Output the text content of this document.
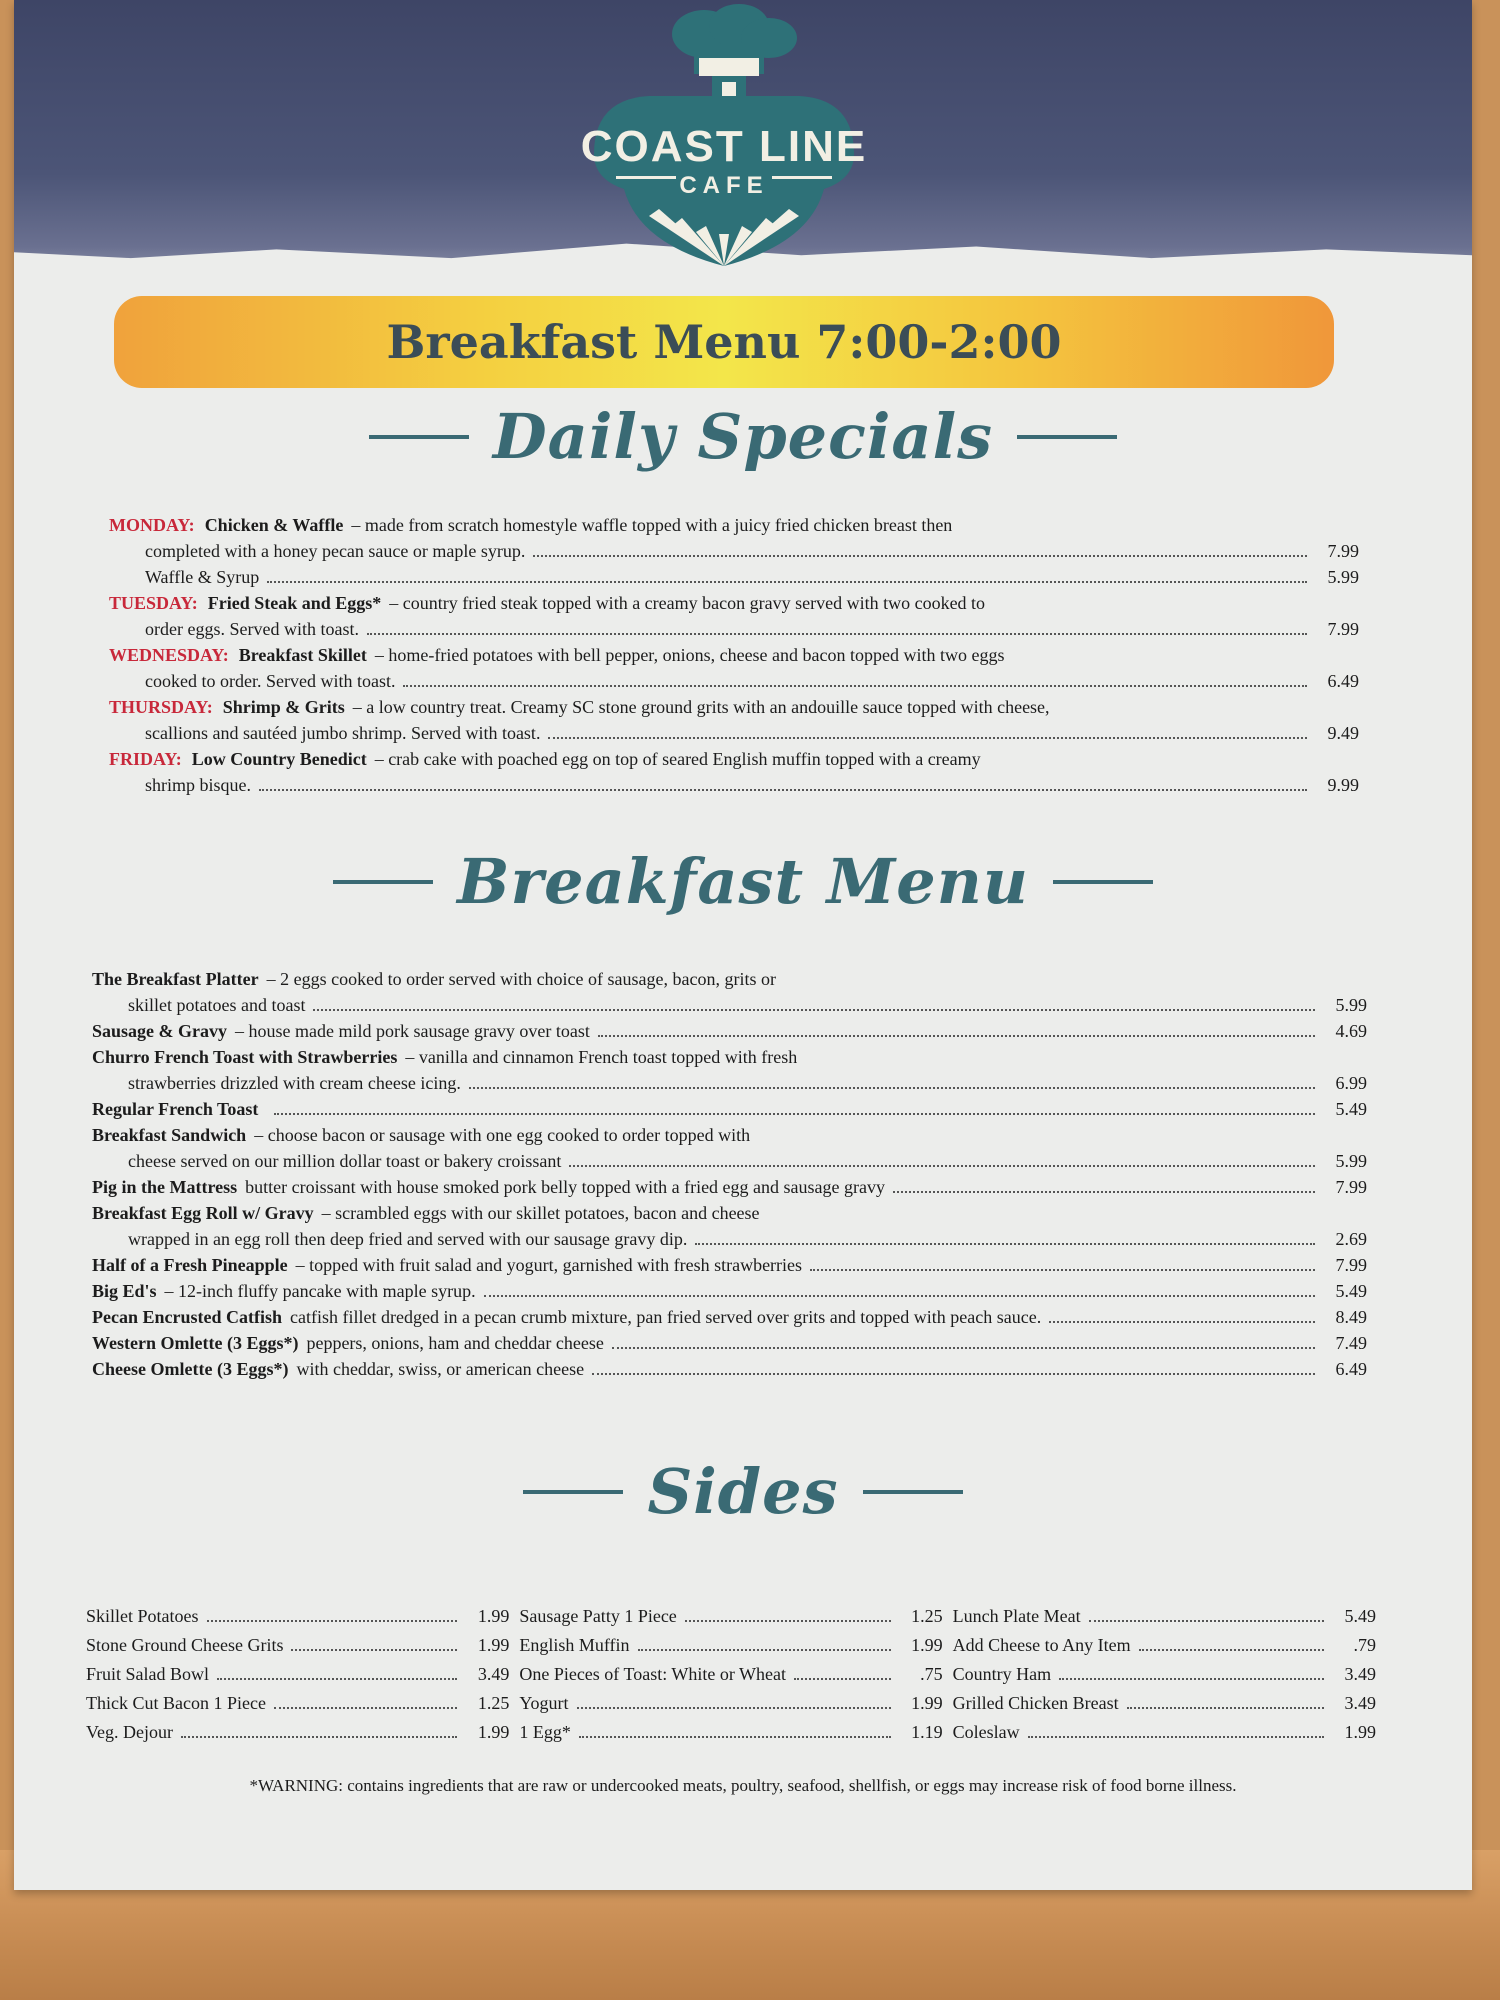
COAST LINE
CAFE
Breakfast Menu 7:00-2:00
Daily Specials
MONDAY: Chicken & Waffle – made from scratch homestyle waffle topped with a juicy fried chicken breast then
completed with a honey pecan sauce or maple syrup.	7.99
Waffle & Syrup	5.99
TUESDAY: Fried Steak and Eggs* – country fried steak topped with a creamy bacon gravy served with two cooked to
order eggs. Served with toast.	7.99
WEDNESDAY: Breakfast Skillet – home-fried potatoes with bell pepper, onions, cheese and bacon topped with two eggs
cooked to order. Served with toast.	6.49
THURSDAY: Shrimp & Grits – a low country treat. Creamy SC stone ground grits with an andouille sauce topped with cheese,
scallions and sautéed jumbo shrimp. Served with toast.	9.49
FRIDAY: Low Country Benedict – crab cake with poached egg on top of seared English muffin topped with a creamy
shrimp bisque.	9.99
Breakfast Menu
The Breakfast Platter – 2 eggs cooked to order served with choice of sausage, bacon, grits or
skillet potatoes and toast	5.99
Sausage & Gravy – house made mild pork sausage gravy over toast	4.69
Churro French Toast with Strawberries – vanilla and cinnamon French toast topped with fresh
strawberries drizzled with cream cheese icing.	6.99
Regular French Toast	5.49
Breakfast Sandwich – choose bacon or sausage with one egg cooked to order topped with
cheese served on our million dollar toast or bakery croissant	5.99
Pig in the Mattress butter croissant with house smoked pork belly topped with a fried egg and sausage gravy	7.99
Breakfast Egg Roll w/ Gravy – scrambled eggs with our skillet potatoes, bacon and cheese
wrapped in an egg roll then deep fried and served with our sausage gravy dip.	2.69
Half of a Fresh Pineapple – topped with fruit salad and yogurt, garnished with fresh strawberries	7.99
Big Ed's – 12-inch fluffy pancake with maple syrup.	5.49
Pecan Encrusted Catfish catfish fillet dredged in a pecan crumb mixture, pan fried served over grits and topped with peach sauce.	8.49
Western Omlette (3 Eggs*) peppers, onions, ham and cheddar cheese	7.49
Cheese Omlette (3 Eggs*) with cheddar, swiss, or american cheese	6.49
Sides
Skillet Potatoes	1.99
Stone Ground Cheese Grits	1.99
Fruit Salad Bowl	3.49
Thick Cut Bacon 1 Piece	1.25
Veg. Dejour	1.99
Sausage Patty 1 Piece	1.25
English Muffin	1.99
One Pieces of Toast: White or Wheat	.75
Yogurt	1.99
1 Egg*	1.19
Lunch Plate Meat	5.49
Add Cheese to Any Item	.79
Country Ham	3.49
Grilled Chicken Breast	3.49
Coleslaw	1.99
*WARNING: contains ingredients that are raw or undercooked meats, poultry, seafood, shellfish, or eggs may increase risk of food borne illness.
